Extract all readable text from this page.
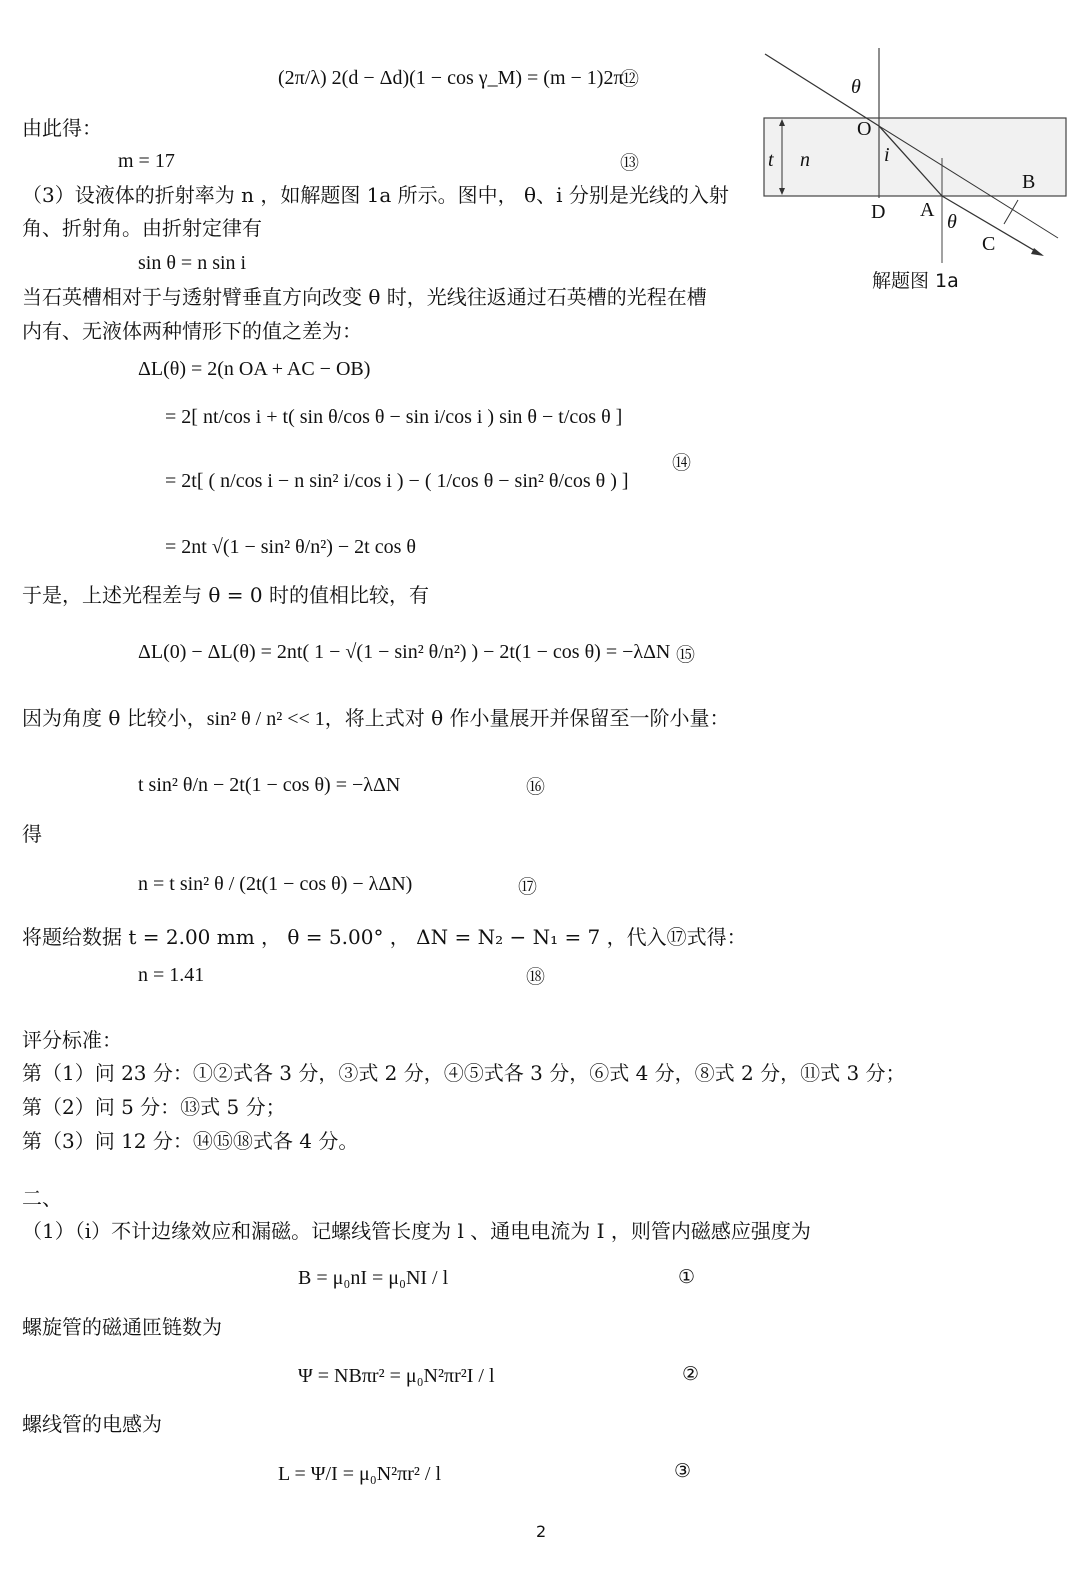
θ
O
i
t n
B
D A
θ
C
解题图 1a
(2π/λ) 2(d − Δd)(1 − cos γ_M) = (m − 1)2π
⑫
由此得：
m = 17	⑬
（3）设液体的折射率为 n ，如解题图 1a 所示。图中， θ、i 分别是光线的入射
角、折射角。由折射定律有
sin θ = n sin i
当石英槽相对于与透射臂垂直方向改变 θ 时，光线往返通过石英槽的光程在槽
内有、无液体两种情形下的值之差为：
ΔL(θ) = 2(n OA + AC − OB)
= 2[ nt/cos i + t( sin θ/cos θ − sin i/cos i ) sin θ − t/cos θ ]
= 2t[ ( n/cos i − n sin² i/cos i ) − ( 1/cos θ − sin² θ/cos θ ) ]
⑭
= 2nt √(1 − sin² θ/n²) − 2t cos θ
于是，上述光程差与 θ = 0 时的值相比较，有
ΔL(0) − ΔL(θ) = 2nt( 1 − √(1 − sin² θ/n²) ) − 2t(1 − cos θ) = −λΔN ⑮
因为角度 θ 比较小，sin² θ / n² << 1，将上式对 θ 作小量展开并保留至一阶小量：
t sin² θ/n − 2t(1 − cos θ) = −λΔN	⑯
得
n = t sin² θ / (2t(1 − cos θ) − λΔN)	⑰
将题给数据 t = 2.00 mm ， θ = 5.00° ， ΔN = N₂ − N₁ = 7 ，代入⑰式得：
n = 1.41	⑱
评分标准：
第（1）问 23 分：①②式各 3 分，③式 2 分，④⑤式各 3 分，⑥式 4 分，⑧式 2 分，⑪式 3 分；
第（2）问 5 分：⑬式 5 分；
第（3）问 12 分：⑭⑮⑱式各 4 分。
二、
（1）（i）不计边缘效应和漏磁。记螺线管长度为 l 、通电电流为 I ，则管内磁感应强度为
B = μ₀nI = μ₀NI / l	①
螺旋管的磁通匝链数为
Ψ = NBπr² = μ₀N²πr²I / l	②
螺线管的电感为
L = Ψ/I = μ₀N²πr² / l	③
2
